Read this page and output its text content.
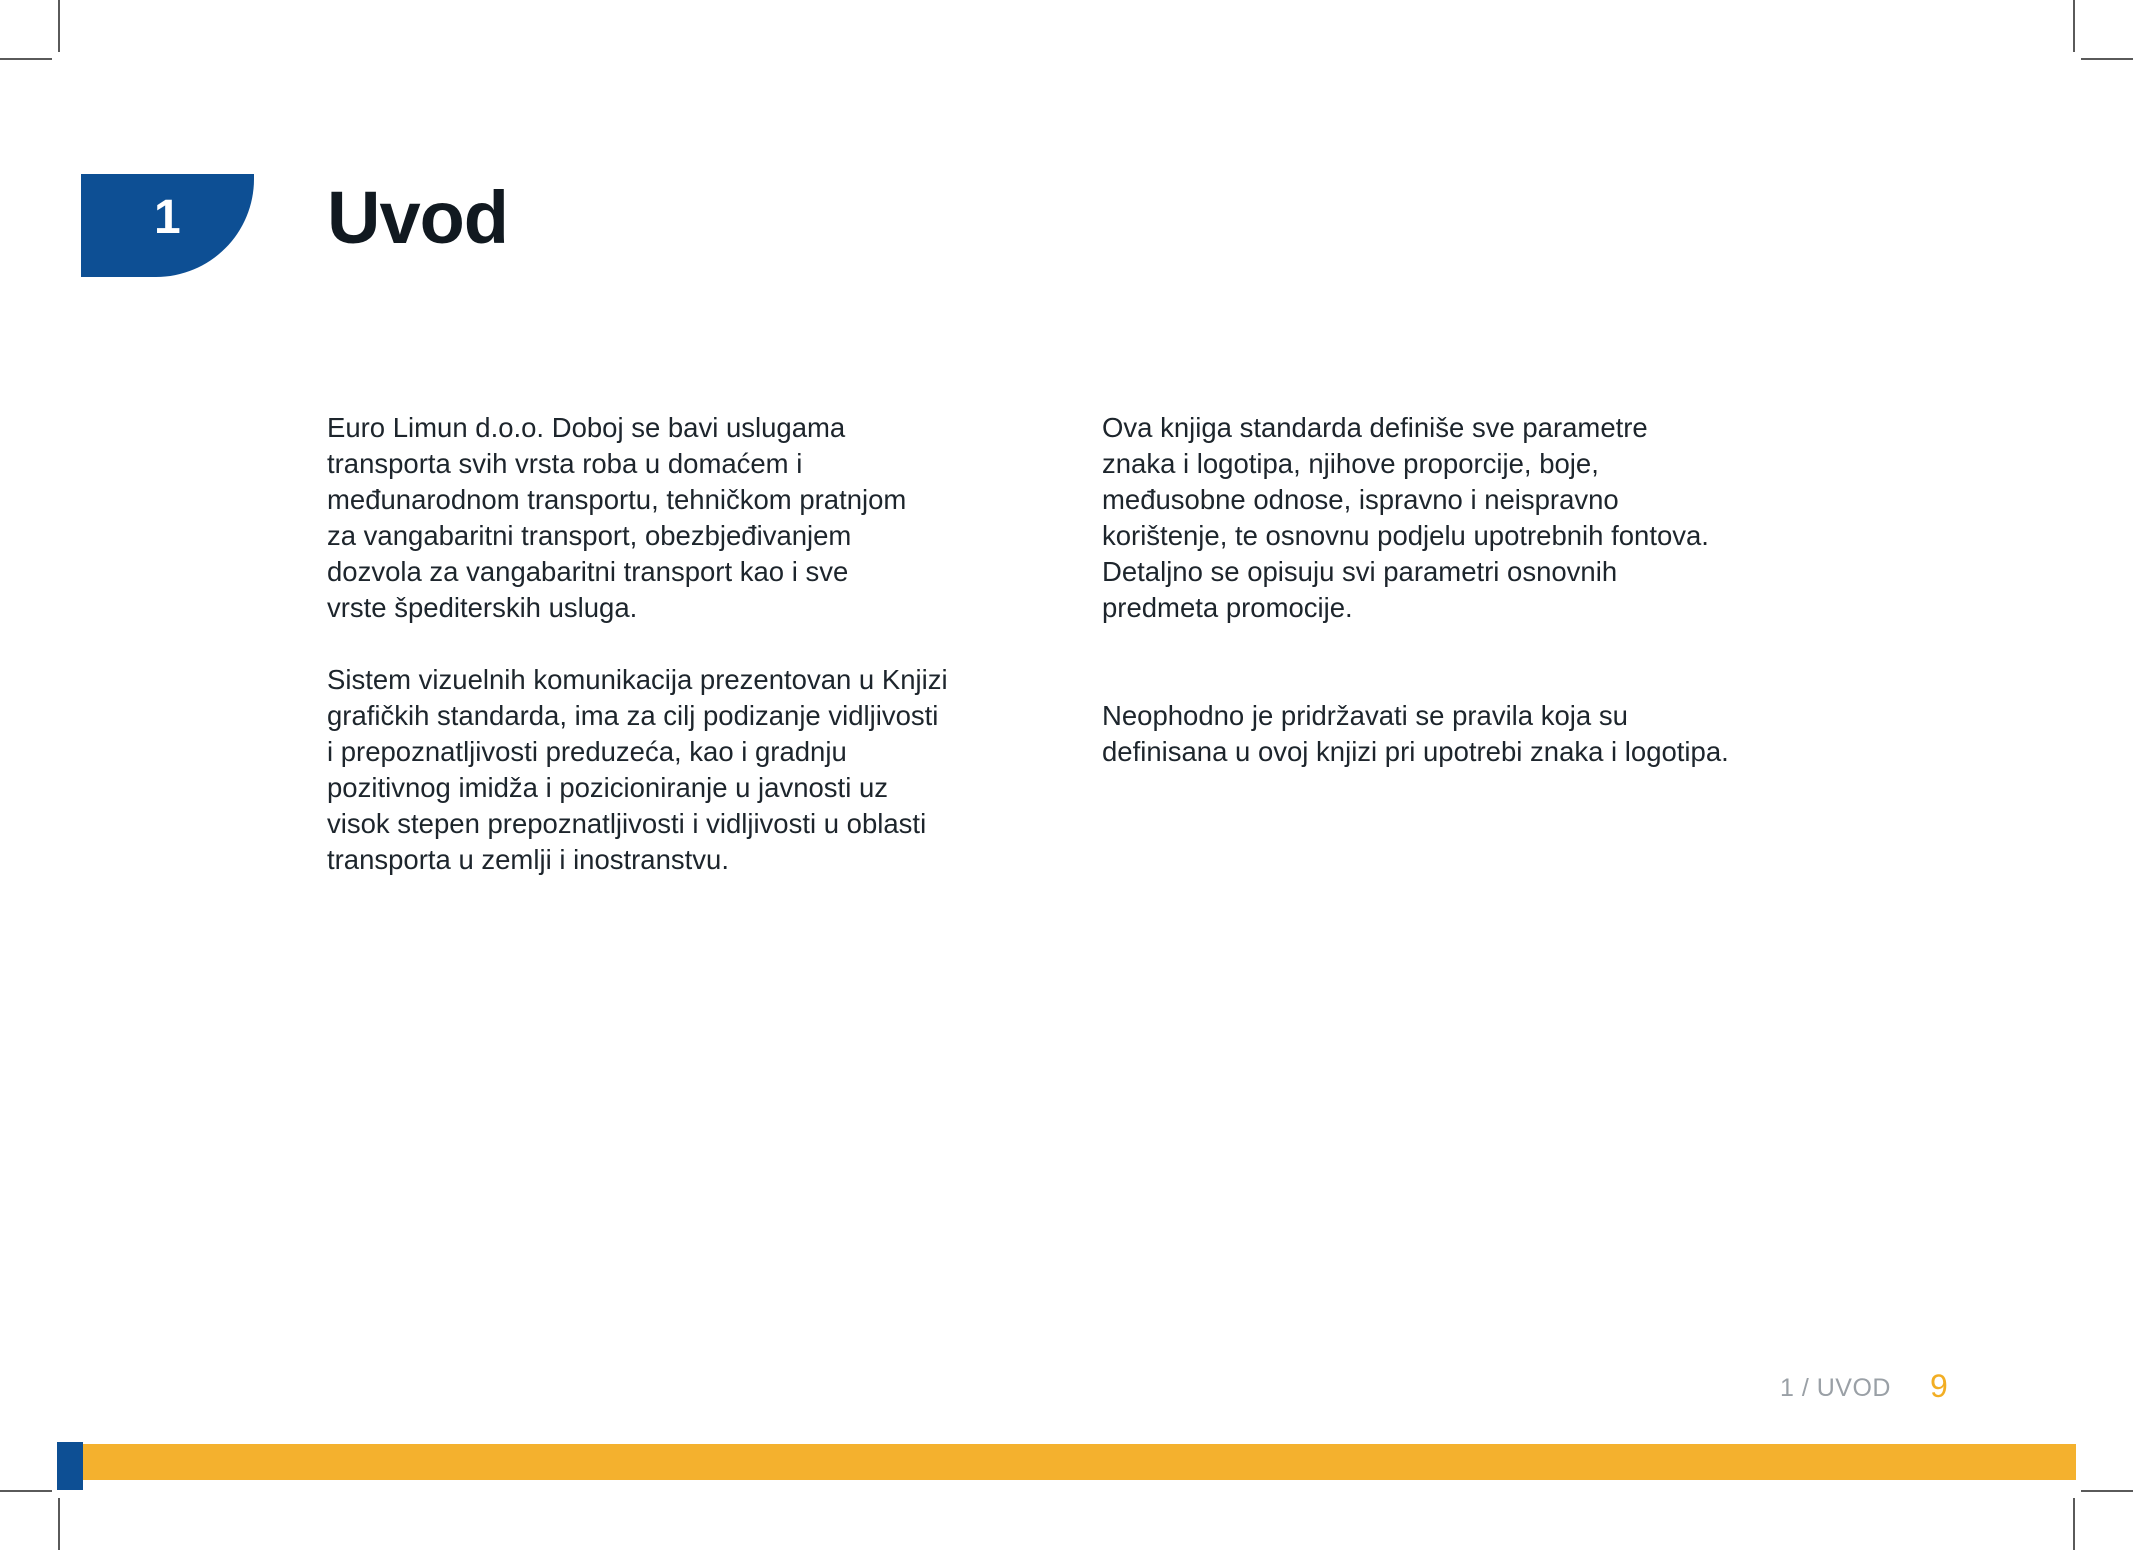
1 Uvod

Euro Limun d.o.o. Doboj se bavi uslugama
transporta svih vrsta roba u domaćem i
međunarodnom transportu, tehničkom pratnjom
za vangabaritni transport, obezbjeđivanjem
dozvola za vangabaritni transport kao i sve
vrste špediterskih usluga.

Sistem vizuelnih komunikacija prezentovan u Knjizi
grafičkih standarda, ima za cilj podizanje vidljivosti
i prepoznatljivosti preduzeća, kao i gradnju
pozitivnog imidža i pozicioniranje u javnosti uz
visok stepen prepoznatljivosti i vidljivosti u oblasti
transporta u zemlji i inostranstvu.

Ova knjiga standarda definiše sve parametre
znaka i logotipa, njihove proporcije, boje,
međusobne odnose, ispravno i neispravno
korištenje, te osnovnu podjelu upotrebnih fontova.
Detaljno se opisuju svi parametri osnovnih
predmeta promocije.

Neophodno je pridržavati se pravila koja su
definisana u ovoj knjizi pri upotrebi znaka i logotipa.

1 / UVOD 9
